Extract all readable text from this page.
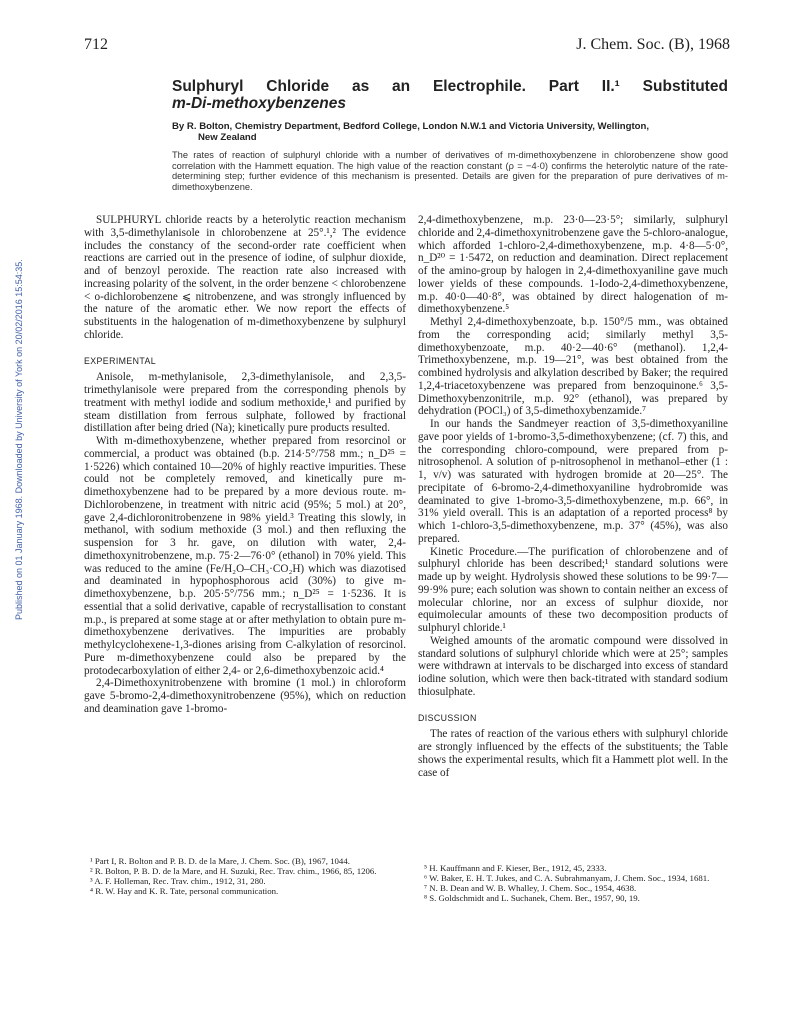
712	J. Chem. Soc. (B), 1968
Sulphuryl Chloride as an Electrophile. Part II.¹ Substituted
m-Di-methoxybenzenes
By R. Bolton, Chemistry Department, Bedford College, London N.W.1 and Victoria University, Wellington,
New Zealand
The rates of reaction of sulphuryl chloride with a number of derivatives of m-dimethoxybenzene in chlorobenzene show good correlation with the Hammett equation. The high value of the reaction constant (ρ = −4·0) confirms the heterolytic nature of the rate-determining step; further evidence of this mechanism is presented. Details are given for the preparation of pure derivatives of m-dimethoxybenzene.
Published on 01 January 1968. Downloaded by University of York on 20/02/2016 15:54:35.

SULPHURYL chloride reacts by a heterolytic reaction mechanism with 3,5-dimethylanisole in chlorobenzene at 25°.¹,² The evidence includes the constancy of the second-order rate coefficient when reactions are carried out in the presence of iodine, of sulphur dioxide, and of benzoyl peroxide. The reaction rate also increased with increasing polarity of the solvent, in the order benzene < chlorobenzene < o-dichlorobenzene ⩽ nitrobenzene, and was strongly influenced by the nature of the aromatic ether. We now report the effects of substituents in the halogenation of m-dimethoxybenzene by sulphuryl chloride.

EXPERIMENTAL

Anisole, m-methylanisole, 2,3-dimethylanisole, and 2,3,5-trimethylanisole were prepared from the corresponding phenols by treatment with methyl iodide and sodium methoxide,¹ and purified by steam distillation from ferrous sulphate, followed by fractional distillation after being dried (Na); kinetically pure products resulted.

With m-dimethoxybenzene, whether prepared from resorcinol or commercial, a product was obtained (b.p. 214·5°/758 mm.; n_D²⁵ = 1·5226) which contained 10—20% of highly reactive impurities. These could not be completely removed, and kinetically pure m-dimethoxybenzene had to be prepared by a more devious route. m-Dichlorobenzene, in treatment with nitric acid (95%; 5 mol.) at 20°, gave 2,4-dichloronitrobenzene in 98% yield.³ Treating this slowly, in methanol, with sodium methoxide (3 mol.) and then refluxing the suspension for 3 hr. gave, on dilution with water, 2,4-dimethoxynitrobenzene, m.p. 75·2—76·0° (ethanol) in 70% yield. This was reduced to the amine (Fe/H₂O–CH₃·CO₂H) which was diazotised and deaminated in hypophosphorous acid (30%) to give m-dimethoxybenzene, b.p. 205·5°/756 mm.; n_D²⁵ = 1·5236. It is essential that a solid derivative, capable of recrystallisation to constant m.p., is prepared at some stage at or after methylation to obtain pure m-dimethoxybenzene derivatives. The impurities are probably methylcyclohexene-1,3-diones arising from C-alkylation of resorcinol. Pure m-dimethoxybenzene could also be prepared by the protodecarboxylation of either 2,4- or 2,6-dimethoxybenzoic acid.⁴

2,4-Dimethoxynitrobenzene with bromine (1 mol.) in chloroform gave 5-bromo-2,4-dimethoxynitrobenzene (95%), which on reduction and deamination gave 1-bromo-

2,4-dimethoxybenzene, m.p. 23·0—23·5°; similarly, sulphuryl chloride and 2,4-dimethoxynitrobenzene gave the 5-chloro-analogue, which afforded 1-chloro-2,4-dimethoxybenzene, m.p. 4·8—5·0°, n_D²⁰ = 1·5472, on reduction and deamination. Direct replacement of the amino-group by halogen in 2,4-dimethoxyaniline gave much lower yields of these compounds. 1-Iodo-2,4-dimethoxybenzene, m.p. 40·0—40·8°, was obtained by direct halogenation of m-dimethoxybenzene.⁵

Methyl 2,4-dimethoxybenzoate, b.p. 150°/5 mm., was obtained from the corresponding acid; similarly methyl 3,5-dimethoxybenzoate, m.p. 40·2—40·6° (methanol). 1,2,4-Trimethoxybenzene, m.p. 19—21°, was best obtained from the combined hydrolysis and alkylation described by Baker; the required 1,2,4-triacetoxybenzene was prepared from benzoquinone.⁶ 3,5-Dimethoxybenzonitrile, m.p. 92° (ethanol), was prepared by dehydration (POCl₃) of 3,5-dimethoxybenzamide.⁷

In our hands the Sandmeyer reaction of 3,5-dimethoxyaniline gave poor yields of 1-bromo-3,5-dimethoxybenzene; (cf. 7) this, and the corresponding chloro-compound, were prepared from p-nitrosophenol. A solution of p-nitrosophenol in methanol–ether (1 : 1, v/v) was saturated with hydrogen bromide at 20—25°. The precipitate of 6-bromo-2,4-dimethoxyaniline hydrobromide was deaminated to give 1-bromo-3,5-dimethoxybenzene, m.p. 66°, in 31% yield overall. This is an adaptation of a reported process⁸ by which 1-chloro-3,5-dimethoxybenzene, m.p. 37° (45%), was also prepared.

Kinetic Procedure.—The purification of chlorobenzene and of sulphuryl chloride has been described;¹ standard solutions were made up by weight. Hydrolysis showed these solutions to be 99·7—99·9% pure; each solution was shown to contain neither an excess of molecular chlorine, nor an excess of sulphur dioxide, nor equimolecular amounts of these two decomposition products of sulphuryl chloride.¹

Weighed amounts of the aromatic compound were dissolved in standard solutions of sulphuryl chloride which were at 25°; samples were withdrawn at intervals to be discharged into excess of standard iodine solution, which were then back-titrated with standard sodium thiosulphate.

DISCUSSION

The rates of reaction of the various ethers with sulphuryl chloride are strongly influenced by the effects of the substituents; the Table shows the experimental results, which fit a Hammett plot well. In the case of

¹ Part I, R. Bolton and P. B. D. de la Mare, J. Chem. Soc. (B), 1967, 1044.
² R. Bolton, P. B. D. de la Mare, and H. Suzuki, Rec. Trav. chim., 1966, 85, 1206.
³ A. F. Holleman, Rec. Trav. chim., 1912, 31, 280.
⁴ R. W. Hay and K. R. Tate, personal communication.
⁵ H. Kauffmann and F. Kieser, Ber., 1912, 45, 2333.
⁶ W. Baker, E. H. T. Jukes, and C. A. Subrahmanyam, J. Chem. Soc., 1934, 1681.
⁷ N. B. Dean and W. B. Whalley, J. Chem. Soc., 1954, 4638.
⁸ S. Goldschmidt and L. Suchanek, Chem. Ber., 1957, 90, 19.
